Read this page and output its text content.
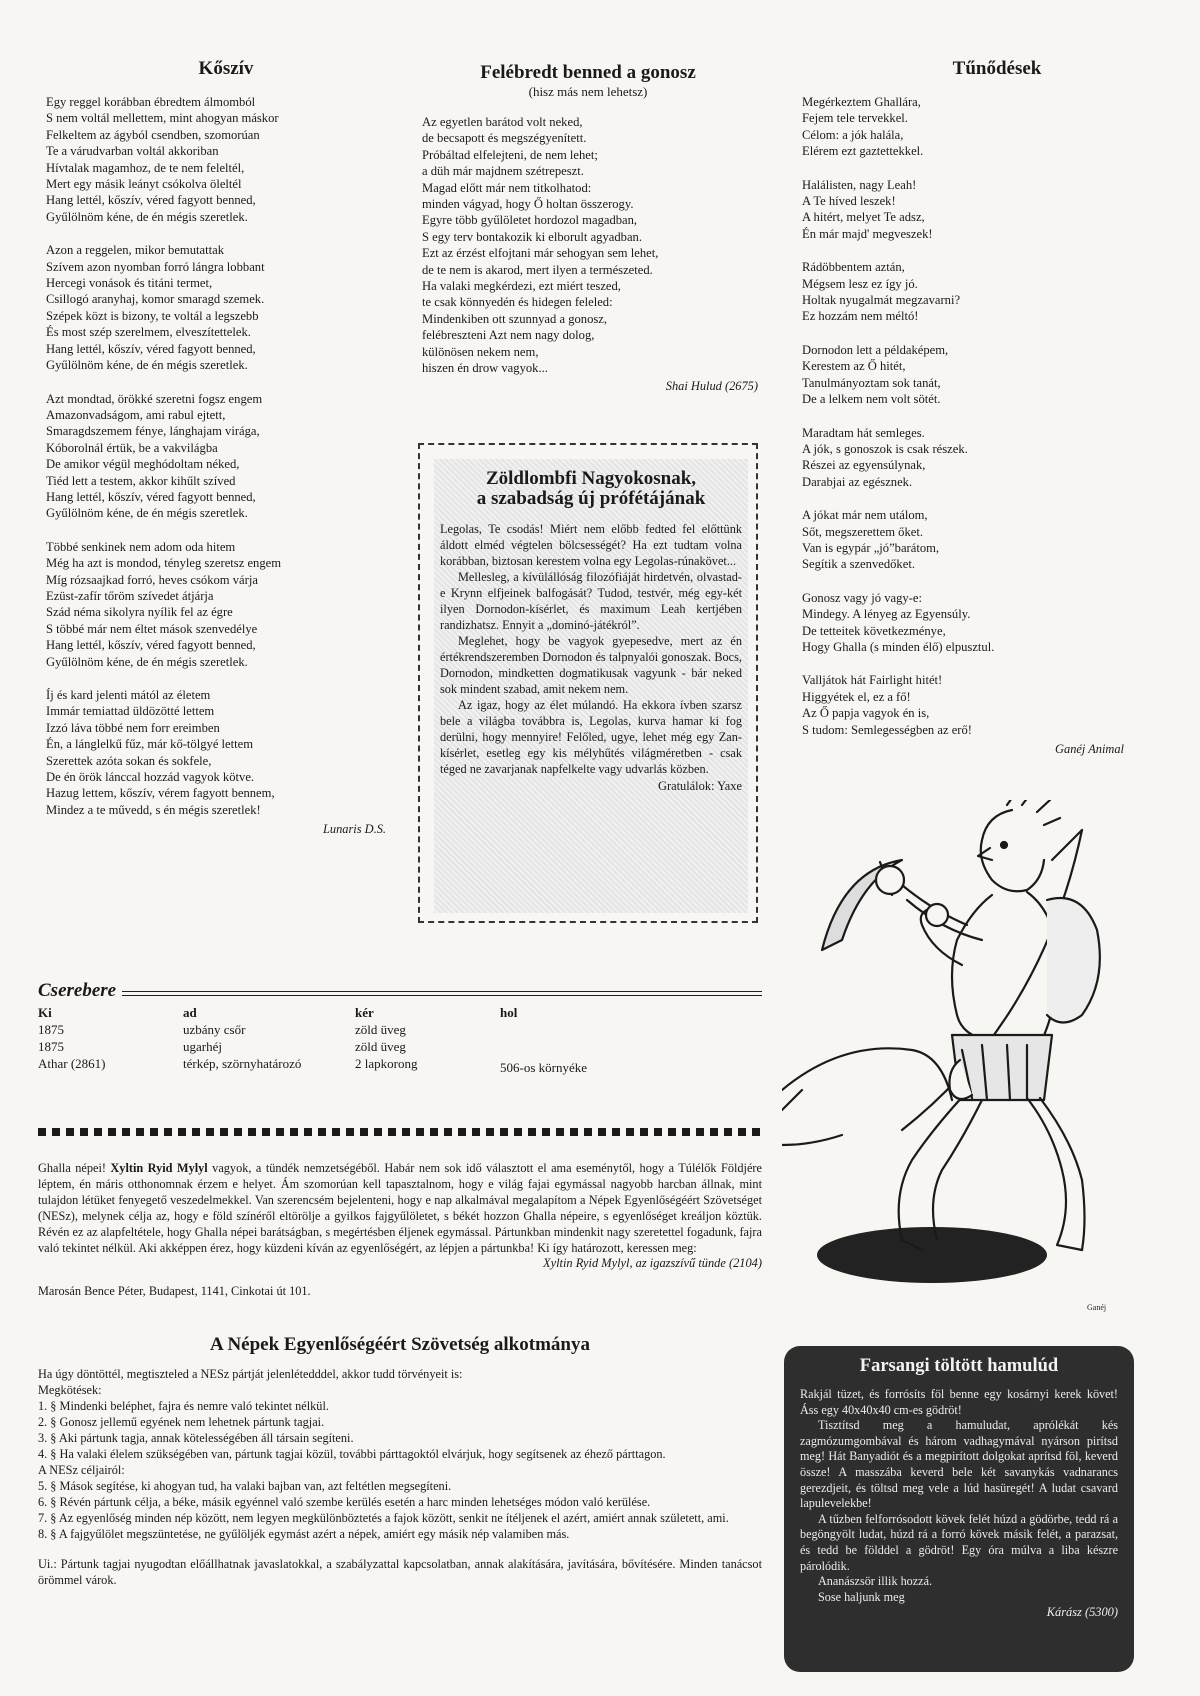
Kőszív

Egy reggel korábban ébredtem álmomból
S nem voltál mellettem, mint ahogyan máskor
Felkeltem az ágyból csendben, szomorúan
Te a várudvarban voltál akkoriban
Hívtalak magamhoz, de te nem feleltél,
Mert egy másik leányt csókolva öleltél
Hang lettél, kőszív, véred fagyott benned,
Gyűlölnöm kéne, de én mégis szeretlek.
Azon a reggelen, mikor bemutattak
Szívem azon nyomban forró lángra lobbant
Hercegi vonások és titáni termet,
Csillogó aranyhaj, komor smaragd szemek.
Szépek közt is bizony, te voltál a legszebb
És most szép szerelmem, elveszítettelek.
Hang lettél, kőszív, véred fagyott benned,
Gyűlölnöm kéne, de én mégis szeretlek.
Azt mondtad, örökké szeretni fogsz engem
Amazonvadságom, ami rabul ejtett,
Smaragdszemem fénye, lánghajam virága,
Kóborolnál értük, be a vakvilágba
De amikor végül meghódoltam néked,
Tiéd lett a testem, akkor kihűlt szíved
Hang lettél, kőszív, véred fagyott benned,
Gyűlölnöm kéne, de én mégis szeretlek.
Többé senkinek nem adom oda hitem
Még ha azt is mondod, tényleg szeretsz engem
Míg rózsaajkad forró, heves csókom várja
Ezüst-zafír tőröm szívedet átjárja
Szád néma sikolyra nyílik fel az égre
S többé már nem éltet mások szenvedélye
Hang lettél, kőszív, véred fagyott benned,
Gyűlölnöm kéne, de én mégis szeretlek.
Íj és kard jelenti mától az életem
Immár temiattad üldözötté lettem
Izzó láva többé nem forr ereimben
Én, a lánglelkű fűz, már kő-tölgyé lettem
Szerettek azóta sokan és sokfele,
De én örök lánccal hozzád vagyok kötve.
Hazug lettem, kőszív, vérem fagyott bennem,
Mindez a te művedd, s én mégis szeretlek!
Lunaris D.S.

Felébredt benned a gonosz

(hisz más nem lehetsz)

Az egyetlen barátod volt neked,
de becsapott és megszégyenített.
Próbáltad elfelejteni, de nem lehet;
a düh már majdnem szétrepeszt.
Magad előtt már nem titkolhatod:
minden vágyad, hogy Ő holtan összerogy.
Egyre több gyűlöletet hordozol magadban,
S egy terv bontakozik ki elborult agyadban.
Ezt az érzést elfojtani már sehogyan sem lehet,
de te nem is akarod, mert ilyen a természeted.
Ha valaki megkérdezi, ezt miért teszed,
te csak könnyedén és hidegen feleled:
Mindenkiben ott szunnyad a gonosz,
felébreszteni Azt nem nagy dolog,
különösen nekem nem,
hiszen én drow vagyok...
Shai Hulud (2675)
Zöldlombfi Nagyokosnak,
a szabadság új prófétájának

Legolas, Te csodás! Miért nem előbb fedted fel előttünk áldott elméd végtelen bölcsességét? Ha ezt tudtam volna korábban, biztosan kerestem volna egy Legolas-rúnakövet...

Mellesleg, a kívülállóság filozófiáját hirdetvén, olvastad-e Krynn elfjeinek balfogását? Tudod, testvér, még egy-két ilyen Dornodon-kísérlet, és maximum Leah kertjében randizhatsz. Ennyit a „dominó-játékról”.

Meglehet, hogy be vagyok gyepesedve, mert az én értékrendszeremben Dornodon és talpnyalói gonoszak. Bocs, Dornodon, mindketten dogmatikusak vagyunk - bár neked sok mindent szabad, amit nekem nem.

Az igaz, hogy az élet múlandó. Ha ekkora ívben szarsz bele a világba továbbra is, Legolas, kurva hamar ki fog derülni, hogy mennyire! Felőled, ugye, lehet még egy Zan-kísérlet, esetleg egy kis mélyhűtés világméretben - csak téged ne zavarjanak napfelkelte vagy udvarlás közben.

Gratulálok: Yaxe

Tűnődések

Megérkeztem Ghallára,
Fejem tele tervekkel.
Célom: a jók halála,
Elérem ezt gaztettekkel.
Halálisten, nagy Leah!
A Te híved leszek!
A hitért, melyet Te adsz,
Én már majd' megveszek!
Rádöbbentem aztán,
Mégsem lesz ez így jó.
Holtak nyugalmát megzavarni?
Ez hozzám nem méltó!
Dornodon lett a példaképem,
Kerestem az Ő hitét,
Tanulmányoztam sok tanát,
De a lelkem nem volt sötét.
Maradtam hát semleges.
A jók, s gonoszok is csak részek.
Részei az egyensúlynak,
Darabjai az egésznek.
A jókat már nem utálom,
Sőt, megszerettem őket.
Van is egypár „jó”barátom,
Segítik a szenvedőket.
Gonosz vagy jó vagy-e:
Mindegy. A lényeg az Egyensúly.
De tetteitek következménye,
Hogy Ghalla (s minden élő) elpusztul.
Valljátok hát Fairlight hitét!
Higgyétek el, ez a fő!
Az Ő papja vagyok én is,
S tudom: Semlegességben az erő!
Ganéj Animal
Ganéj
Cserebere
Ki	ad	kér	hol
1875	uzbány csőr	zöld üveg	
1875	ugarhéj	zöld üveg	
Athar (2861)	térkép, szörnyhatározó	2 lapkorong	506-os környéke

Ghalla népei! Xyltin Ryid Mylyl vagyok, a tündék nemzetségéből. Habár nem sok idő választott el ama eseménytől, hogy a Túlélők Földjére léptem, én máris otthonomnak érzem e helyet. Ám szomorúan kell tapasztalnom, hogy e világ fajai egymással nagyobb harcban állnak, mint tulajdon létüket fenyegető veszedelmekkel. Van szerencsém bejelenteni, hogy e nap alkalmával megalapítom a Népek Egyenlőségéért Szövetséget (NESz), melynek célja az, hogy e föld színéről eltörölje a gyilkos fajgyűlöletet, s békét hozzon Ghalla népeire, s egyenlőséget kreáljon köztük. Révén ez az alapfeltétele, hogy Ghalla népei barátságban, s megértésben éljenek egymással. Pártunkban mindenkit nagy szeretettel fogadunk, fajra való tekintet nélkül. Aki akképpen érez, hogy küzdeni kíván az egyenlőségért, az lépjen a pártunkba! Ki így határozott, keressen meg:

Xyltin Ryid Mylyl, az igazszívű tünde (2104)

Marosán Bence Péter, Budapest, 1141, Cinkotai út 101.

A Népek Egyenlőségéért Szövetség alkotmánya

Ha úgy döntöttél, megtiszteled a NESz pártját jelenlétedddel, akkor tudd törvényeit is:

Megkötések:

1. § Mindenki beléphet, fajra és nemre való tekintet nélkül.

2. § Gonosz jellemű egyének nem lehetnek pártunk tagjai.

3. § Aki pártunk tagja, annak kötelességében áll társain segíteni.

4. § Ha valaki élelem szükségében van, pártunk tagjai közül, további párttagoktól elvárjuk, hogy segítsenek az éhező párttagon.

A NESz céljairól:

5. § Mások segítése, ki ahogyan tud, ha valaki bajban van, azt feltétlen megsegíteni.

6. § Révén pártunk célja, a béke, másik egyénnel való szembe kerülés esetén a harc minden lehetséges módon való kerülése.

7. § Az egyenlőség minden nép között, nem legyen megkülönböztetés a fajok között, senkit ne ítéljenek el azért, amiért annak született, ami.

8. § A fajgyűlölet megszüntetése, ne gyűlöljék egymást azért a népek, amiért egy másik nép valamiben más.

Ui.: Pártunk tagjai nyugodtan előállhatnak javaslatokkal, a szabályzattal kapcsolatban, annak alakítására, javítására, bővítésére. Minden tanácsot örömmel várok.

Farsangi töltött hamulúd

Rakjál tüzet, és forrósíts föl benne egy kosárnyi kerek követ! Áss egy 40x40x40 cm-es gödröt!

Tisztítsd meg a hamuludat, aprólékát kés zagmózumgombával és három vadhagymával nyárson pirítsd meg! Hát Banyadiót és a megpirított dolgokat aprítsd föl, keverd össze! A masszába keverd bele két savanykás vadnarancs gerezdjeit, és töltsd meg vele a lúd hasüregét! A ludat csavard lapulevelekbe!

A tűzben felforrósodott kövek felét húzd a gödörbe, tedd rá a begöngyölt ludat, húzd rá a forró kövek másik felét, a parazsat, és tedd be földdel a gödröt! Egy óra múlva a liba készre párolódik.

Ananászsör illik hozzá.

Sose haljunk meg

Kárász (5300)
